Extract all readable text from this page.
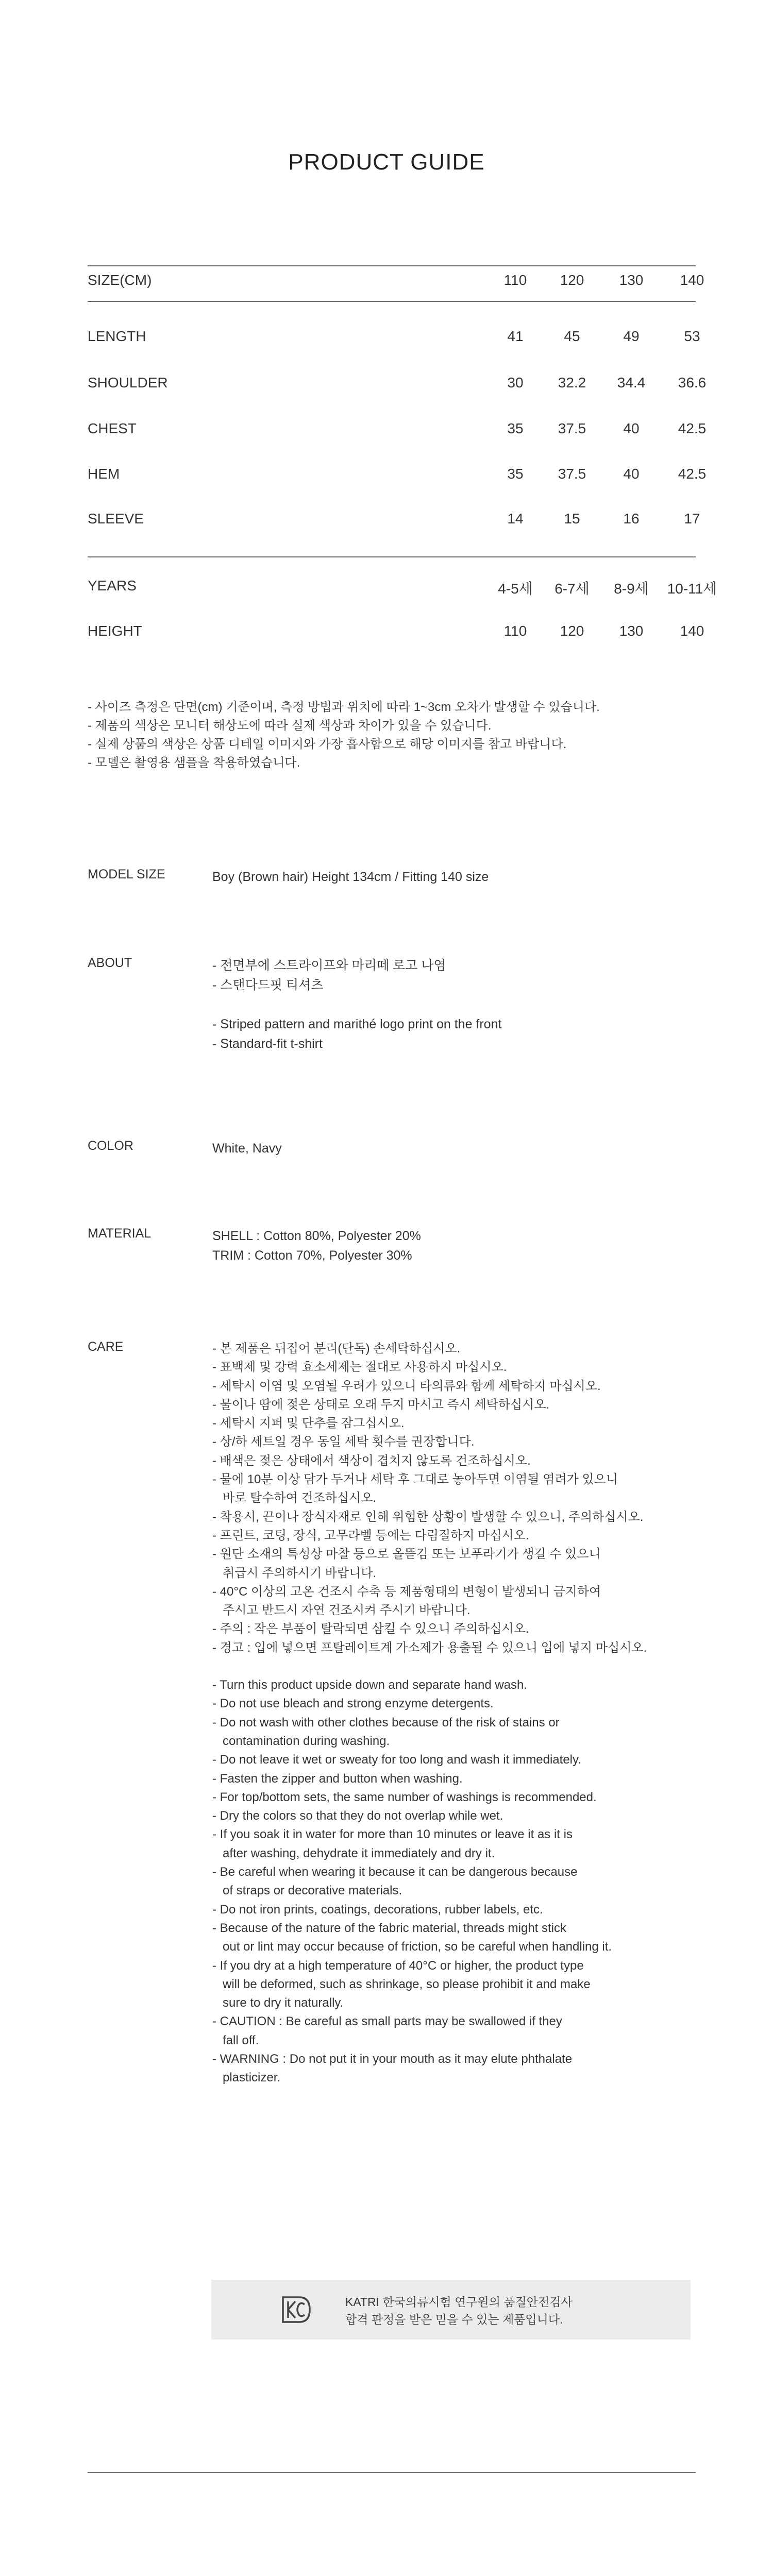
PRODUCT GUIDE
SIZE(CM)	110	120	130	140
LENGTH	41	45	49	53
SHOULDER	30	32.2	34.4	36.6
CHEST	35	37.5	40	42.5
HEM	35	37.5	40	42.5
SLEEVE	14	15	16	17
YEARS	4-5세	6-7세	8-9세	10-11세
HEIGHT	110	120	130	140
- 사이즈 측정은 단면(cm) 기준이며, 측정 방법과 위치에 따라 1~3cm 오차가 발생할 수 있습니다.
- 제품의 색상은 모니터 해상도에 따라 실제 색상과 차이가 있을 수 있습니다.
- 실제 상품의 색상은 상품 디테일 이미지와 가장 흡사함으로 해당 이미지를 참고 바랍니다.
- 모델은 촬영용 샘플을 착용하였습니다.
MODEL SIZE	Boy (Brown hair) Height 134cm / Fitting 140 size
ABOUT	- 전면부에 스트라이프와 마리떼 로고 나염
- 스탠다드핏 티셔츠
- Striped pattern and marithé logo print on the front
- Standard-fit t-shirt
COLOR	White, Navy
MATERIAL	SHELL : Cotton 80%, Polyester 20%
TRIM : Cotton 70%, Polyester 30%
CARE	- 본 제품은 뒤집어 분리(단독) 손세탁하십시오.
- 표백제 및 강력 효소세제는 절대로 사용하지 마십시오.
- 세탁시 이염 및 오염될 우려가 있으니 타의류와 함께 세탁하지 마십시오.
- 물이나 땀에 젖은 상태로 오래 두지 마시고 즉시 세탁하십시오.
- 세탁시 지퍼 및 단추를 잠그십시오.
- 상/하 세트일 경우 동일 세탁 횟수를 권장합니다.
- 배색은 젖은 상태에서 색상이 겹치지 않도록 건조하십시오.
- 물에 10분 이상 담가 두거나 세탁 후 그대로 놓아두면 이염될 염려가 있으니
바로 탈수하여 건조하십시오.
- 착용시, 끈이나 장식자재로 인해 위험한 상황이 발생할 수 있으니, 주의하십시오.
- 프린트, 코팅, 장식, 고무라벨 등에는 다림질하지 마십시오.
- 원단 소재의 특성상 마찰 등으로 올뜯김 또는 보푸라기가 생길 수 있으니
취급시 주의하시기 바랍니다.
- 40°C 이상의 고온 건조시 수축 등 제품형태의 변형이 발생되니 금지하여
주시고 반드시 자연 건조시켜 주시기 바랍니다.
- 주의 : 작은 부품이 탈락되면 삼킬 수 있으니 주의하십시오.
- 경고 : 입에 넣으면 프탈레이트계 가소제가 용출될 수 있으니 입에 넣지 마십시오.
- Turn this product upside down and separate hand wash.
- Do not use bleach and strong enzyme detergents.
- Do not wash with other clothes because of the risk of stains or
contamination during washing.
- Do not leave it wet or sweaty for too long and wash it immediately.
- Fasten the zipper and button when washing.
- For top/bottom sets, the same number of washings is recommended.
- Dry the colors so that they do not overlap while wet.
- If you soak it in water for more than 10 minutes or leave it as it is
after washing, dehydrate it immediately and dry it.
- Be careful when wearing it because it can be dangerous because
of straps or decorative materials.
- Do not iron prints, coatings, decorations, rubber labels, etc.
- Because of the nature of the fabric material, threads might stick
out or lint may occur because of friction, so be careful when handling it.
- If you dry at a high temperature of 40°C or higher, the product type
will be deformed, such as shrinkage, so please prohibit it and make
sure to dry it naturally.
- CAUTION : Be careful as small parts may be swallowed if they
fall off.
- WARNING : Do not put it in your mouth as it may elute phthalate
plasticizer.
KATRI 한국의류시험 연구원의 품질안전검사
합격 판정을 받은 믿을 수 있는 제품입니다.
